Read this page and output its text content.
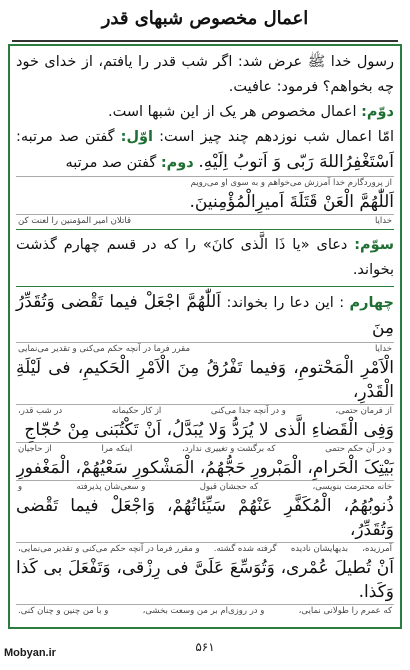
اعمال مخصوص شبهای قدر

رسول خدا ﷺ عرض شد: اگر شب قدر را یافتم، از خدای خود چه بخواهم؟ فرمود: عافیت.

دوّم: اعمال مخصوص هر یک از این شبها است.

امّا اعمال شب نوزدهم چند چیز است: اوّل: گفتن صد مرتبه: اَسْتَغْفِرُاللهَ رَبّى وَ اَتوبُ اِلَیْهِ. دوم: گفتن صد مرتبه

از پروردگارم خدا آمرزش می‌خواهم و به سوی او می‌رویم
اَللّٰهُمَّ الْعَنْ قَتَلَةَ اَمیرِالْمُؤْمِنینَ.
خدایا
قاتلان امیر المؤمنین را لعنت کن

سوّم: دعای «یا ذَا الَّذی کانَ» را که در قسم چهارم گذشت بخواند.

چهارم : این دعا را بخواند: اَللّٰهُمَّ اجْعَلْ فیما تَقْضى وَتُقَدِّرُ مِنَ

خدایا
مقرر فرما در آنچه حکم می‌کنی و تقدیر می‌نمایی
الْاَمْرِ الْمَحْتومِ، وَفیما تَفْرُقُ مِنَ الْاَمْرِ الْحَکیمِ، فى لَیْلَةِ الْقَدْرِ،
از فرمان حتمی،
و در آنچه جدا می‌کنی
از کار حکیمانه
در شب قدر،
وَفِى الْقَضاءِ الَّذى لا یُرَدُّ وَلا یُبَدَّلُ، اَنْ تَکْتُبَنى مِنْ حُجّاجِ
و در آن حکم حتمی
که برگشت و تغییری ندارد،
اینکه مرا
از حاجیان
بَیْتِکَ الْحَرامِ، الْمَبْرورِ حَجُّهُمُ، الْمَشْکورِ سَعْیُهُمْ، الْمَغْفورِ
خانه محترمت بنویسی،
که حجشان قبول
و سعی‌شان پذیرفته
و
ذُنوبُهُمُ، الْمُکَفَّرِ عَنْهُمْ سَیِّئاتُهُمْ، وَاجْعَلْ فیما تَقْضى وَتُقَدِّرُ،
آمرزیده،
بدیهایشان نادیده
گرفته شده گشته.
و مقرر فرما در آنچه حکم می‌کنی و تقدیر می‌نمایی،
اَنْ تُطیلَ عُمْرى، وَتُوَسِّعَ عَلَىَّ فى رِزْقى، وَتَفْعَلَ بى کَذا وَکَذا.
که عمرم را طولانی نمایی،
و در روزی‌ام بر من وسعت بخشی،
و با من چنین و چنان کنی.
۵۶۱
Mobyan.ir
